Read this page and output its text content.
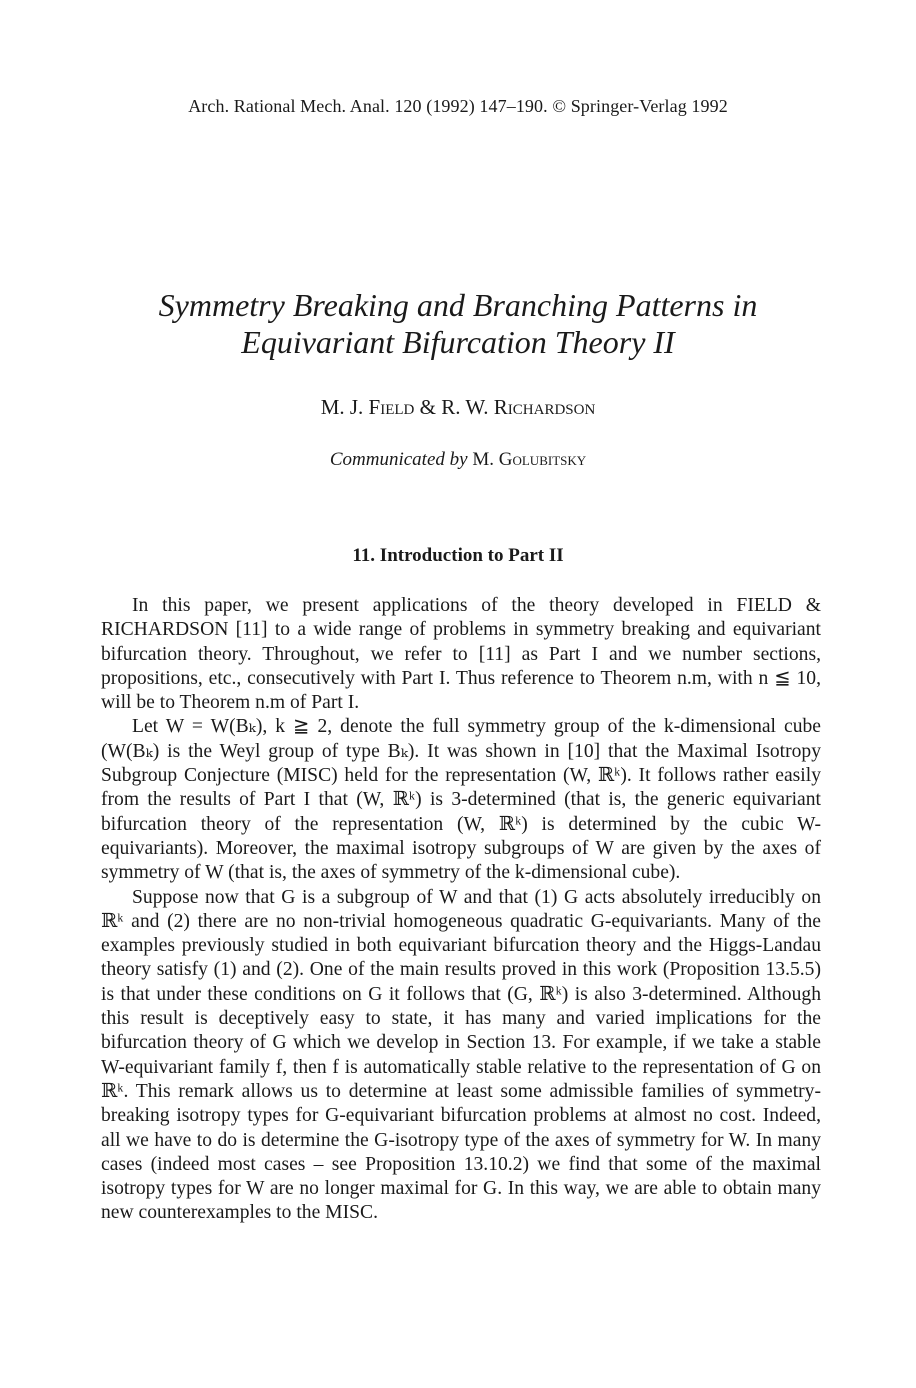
Arch. Rational Mech. Anal. 120 (1992) 147–190. © Springer-Verlag 1992
Symmetry Breaking and Branching Patterns in
Equivariant Bifurcation Theory II
M. J. Field & R. W. Richardson
Communicated by M. Golubitsky
11. Introduction to Part II

In this paper, we present applications of the theory developed in FIELD & RICHARDSON [11] to a wide range of problems in symmetry breaking and equivariant bifurcation theory. Throughout, we refer to [11] as Part I and we number sections, propositions, etc., consecutively with Part I. Thus reference to Theorem n.m, with n ≦ 10, will be to Theorem n.m of Part I.

Let W = W(Bₖ), k ≧ 2, denote the full symmetry group of the k-dimensional cube (W(Bₖ) is the Weyl group of type Bₖ). It was shown in [10] that the Maximal Isotropy Subgroup Conjecture (MISC) held for the representation (W, ℝᵏ). It follows rather easily from the results of Part I that (W, ℝᵏ) is 3-determined (that is, the generic equivariant bifurcation theory of the representation (W, ℝᵏ) is determined by the cubic W-equivariants). Moreover, the maximal isotropy subgroups of W are given by the axes of symmetry of W (that is, the axes of symmetry of the k-dimensional cube).

Suppose now that G is a subgroup of W and that (1) G acts absolutely irreducibly on ℝᵏ and (2) there are no non-trivial homogeneous quadratic G-equivariants. Many of the examples previously studied in both equivariant bifurcation theory and the Higgs-Landau theory satisfy (1) and (2). One of the main results proved in this work (Proposition 13.5.5) is that under these conditions on G it follows that (G, ℝᵏ) is also 3-determined. Although this result is deceptively easy to state, it has many and varied implications for the bifurcation theory of G which we develop in Section 13. For example, if we take a stable W-equivariant family f, then f is automatically stable relative to the representation of G on ℝᵏ. This remark allows us to determine at least some admissible families of symmetry-breaking isotropy types for G-equivariant bifurcation problems at almost no cost. Indeed, all we have to do is determine the G-isotropy type of the axes of symmetry for W. In many cases (indeed most cases – see Proposition 13.10.2) we find that some of the maximal isotropy types for W are no longer maximal for G. In this way, we are able to obtain many new counterexamples to the MISC.
